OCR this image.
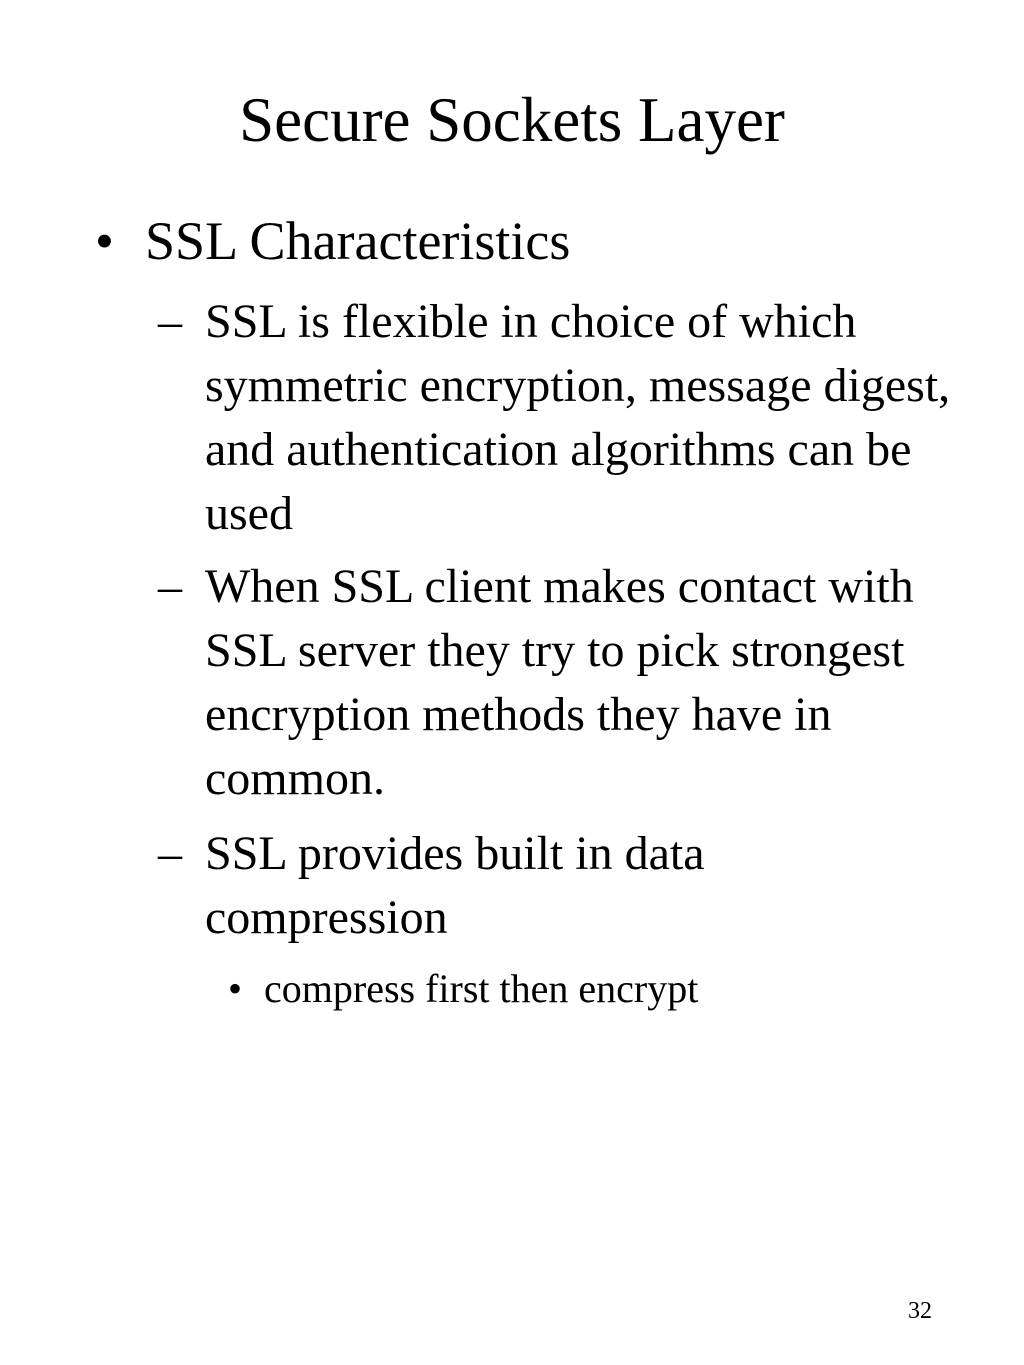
Secure Sockets Layer
• SSL Characteristics
– SSL is flexible in choice of which symmetric encryption, message digest, and authentication algorithms can be used
– When SSL client makes contact with SSL server they try to pick strongest encryption methods they have in common.
– SSL provides built in data compression
• compress first then encrypt
32
